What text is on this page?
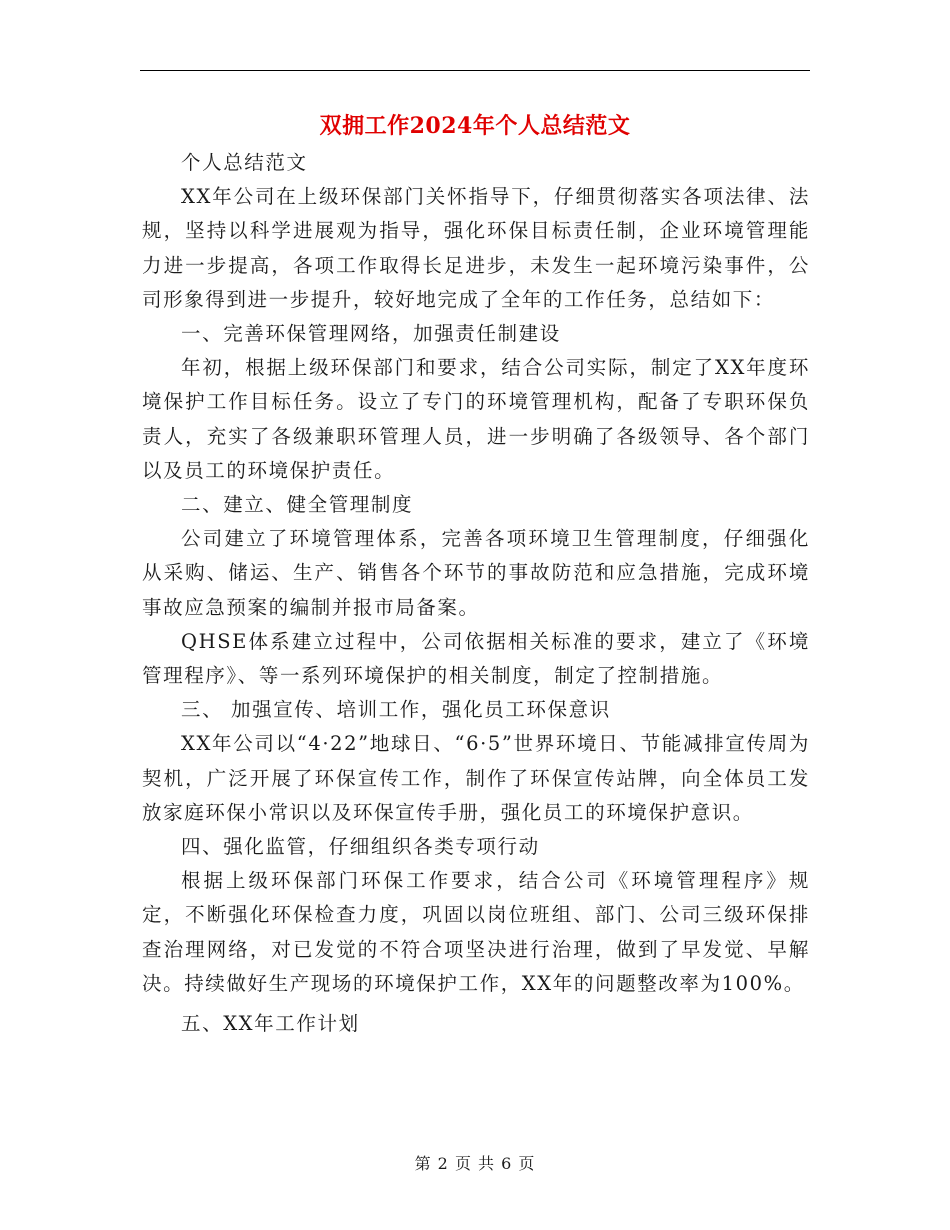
双拥工作2024年个人总结范文

个人总结范文

XX年公司在上级环保部门关怀指导下，仔细贯彻落实各项法律、法规，坚持以科学进展观为指导，强化环保目标责任制，企业环境管理能力进一步提高，各项工作取得长足进步，未发生一起环境污染事件，公司形象得到进一步提升，较好地完成了全年的工作任务，总结如下：

一、完善环保管理网络，加强责任制建设

年初，根据上级环保部门和要求，结合公司实际，制定了XX年度环境保护工作目标任务。设立了专门的环境管理机构，配备了专职环保负责人，充实了各级兼职环管理人员，进一步明确了各级领导、各个部门以及员工的环境保护责任。

二、建立、健全管理制度

公司建立了环境管理体系，完善各项环境卫生管理制度，仔细强化从采购、储运、生产、销售各个环节的事故防范和应急措施，完成环境事故应急预案的编制并报市局备案。

QHSE体系建立过程中，公司依据相关标准的要求，建立了《环境管理程序》、等一系列环境保护的相关制度，制定了控制措施。

三、 加强宣传、培训工作，强化员工环保意识

XX年公司以“4·22”地球日、“6·5”世界环境日、节能减排宣传周为契机，广泛开展了环保宣传工作，制作了环保宣传站牌，向全体员工发放家庭环保小常识以及环保宣传手册，强化员工的环境保护意识。

四、强化监管，仔细组织各类专项行动

根据上级环保部门环保工作要求，结合公司《环境管理程序》规定，不断强化环保检查力度，巩固以岗位班组、部门、公司三级环保排查治理网络，对已发觉的不符合项坚决进行治理，做到了早发觉、早解决。持续做好生产现场的环境保护工作，XX年的问题整改率为100%。

五、XX年工作计划

第 2 页 共 6 页
